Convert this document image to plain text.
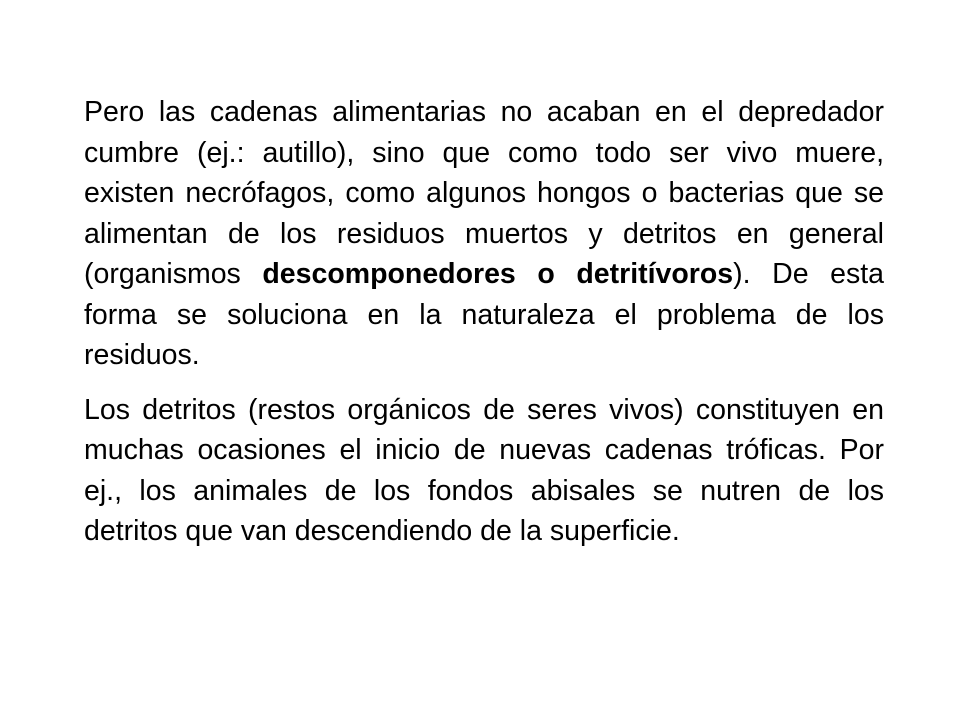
Pero las cadenas alimentarias no acaban en el depredador cumbre (ej.: autillo), sino que como todo ser vivo muere, existen necrófagos, como algunos hongos o bacterias que se alimentan de los residuos muertos y detritos en general (organismos descomponedores o detritívoros). De esta forma se soluciona en la naturaleza el problema de los residuos.

Los detritos (restos orgánicos de seres vivos) constituyen en muchas ocasiones el inicio de nuevas cadenas tróficas. Por ej., los animales de los fondos abisales se nutren de los detritos que van descendiendo de la superficie.
